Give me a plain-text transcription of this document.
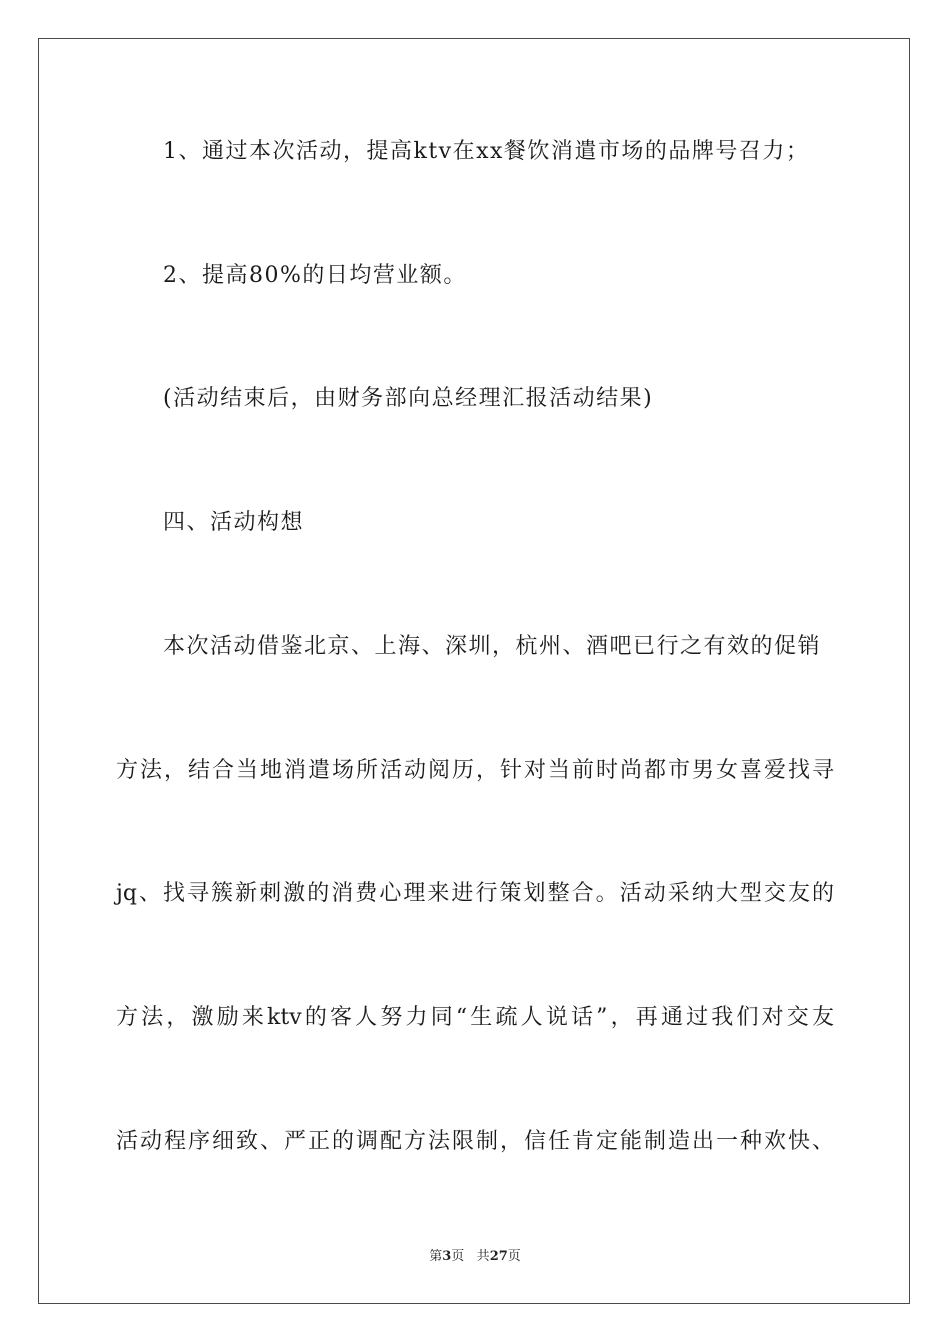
1、通过本次活动，提高ktv在xx餐饮消遣市场的品牌号召力；
2、提高80%的日均营业额。
(活动结束后，由财务部向总经理汇报活动结果)
四、活动构想
本次活动借鉴北京、上海、深圳，杭州、酒吧已行之有效的促销
方法，结合当地消遣场所活动阅历，针对当前时尚都市男女喜爱找寻
jq、找寻簇新刺激的消费心理来进行策划整合。活动采纳大型交友的
方法，激励来ktv的客人努力同“生疏人说话”，再通过我们对交友
活动程序细致、严正的调配方法限制，信任肯定能制造出一种欢快、
第3页 共27页
